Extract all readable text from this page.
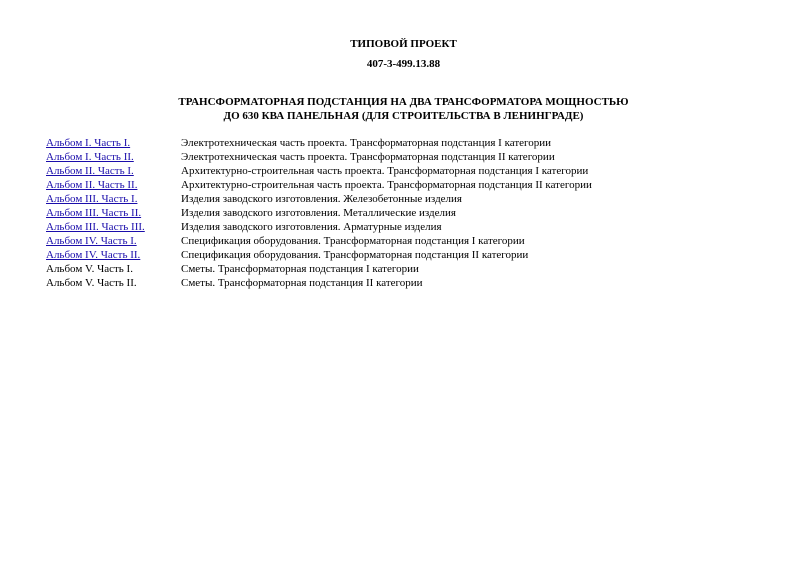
ТИПОВОЙ ПРОЕКТ
407-3-499.13.88
ТРАНСФОРМАТОРНАЯ ПОДСТАНЦИЯ НА ДВА ТРАНСФОРМАТОРА МОЩНОСТЬЮ
ДО 630 КВА ПАНЕЛЬНАЯ (ДЛЯ СТРОИТЕЛЬСТВА В ЛЕНИНГРАДЕ)
Альбом I. Часть I.	Электротехническая часть проекта. Трансформаторная подстанция I категории
Альбом I. Часть II.	Электротехническая часть проекта. Трансформаторная подстанция II категории
Альбом II. Часть I.	Архитектурно-строительная часть проекта. Трансформаторная подстанция I категории
Альбом II. Часть II.	Архитектурно-строительная часть проекта. Трансформаторная подстанция II категории
Альбом III. Часть I.	Изделия заводского изготовления. Железобетонные изделия
Альбом III. Часть II.	Изделия заводского изготовления. Металлические изделия
Альбом III. Часть III.	Изделия заводского изготовления. Арматурные изделия
Альбом IV. Часть I.	Спецификация оборудования. Трансформаторная подстанция I категории
Альбом IV. Часть II.	Спецификация оборудования. Трансформаторная подстанция II категории
Альбом V. Часть I.	Сметы. Трансформаторная подстанция I категории
Альбом V. Часть II.	Сметы. Трансформаторная подстанция II категории
